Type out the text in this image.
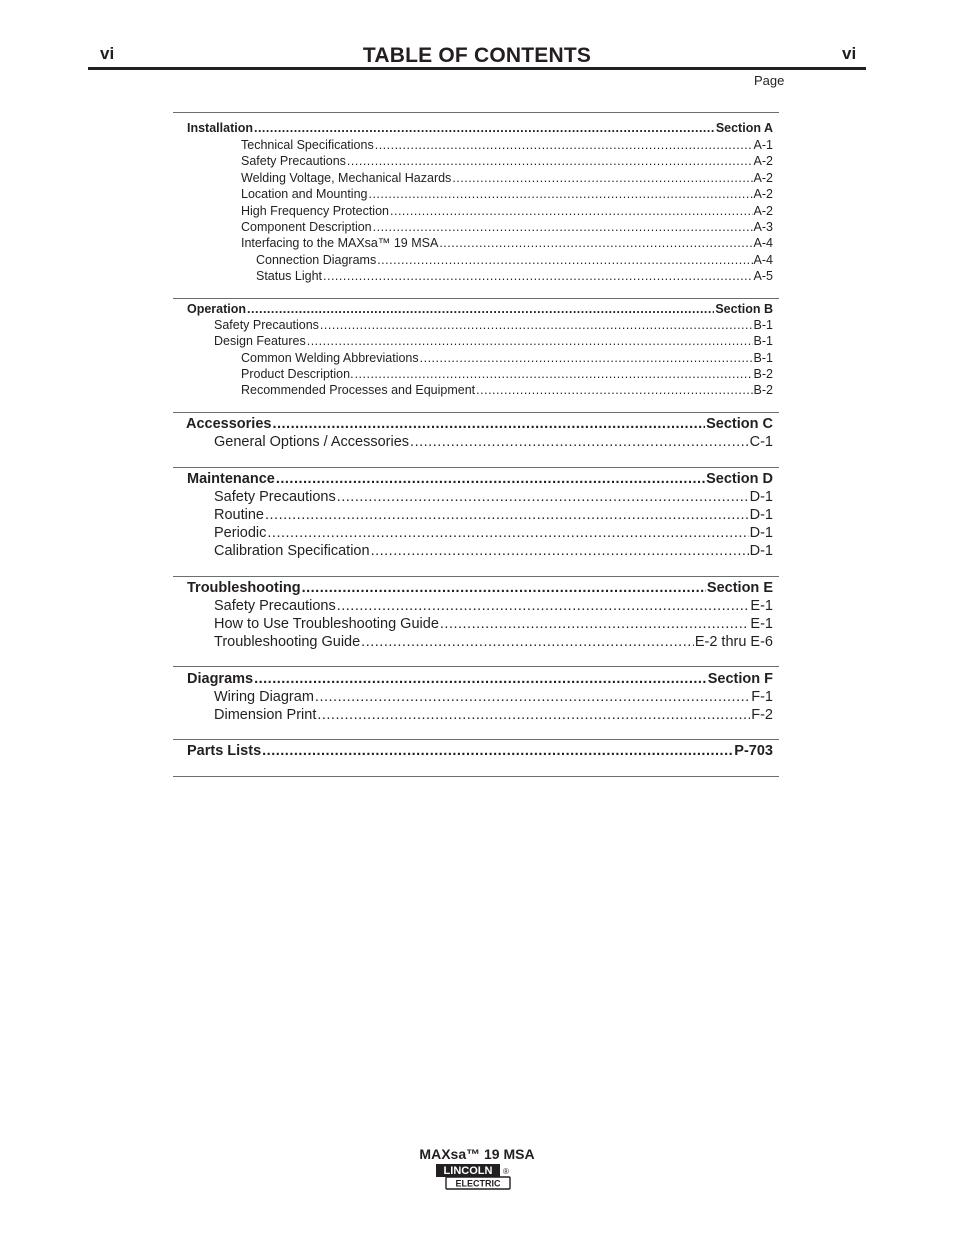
vi	TABLE OF CONTENTS	vi
Page
Installation .....	Section A
Technical Specifications .....	A-1
Safety Precautions .....	A-2
Welding Voltage, Mechanical Hazards .....	A-2
Location and Mounting .....	A-2
High Frequency Protection .....	A-2
Component Description .....	A-3
Interfacing to the MAXsa™ 19 MSA .....	A-4
Connection Diagrams .....	A-4
Status Light .....	A-5
Operation .....	Section B
Safety Precautions .....	B-1
Design Features .....	B-1
Common Welding Abbreviations .....	B-1
Product Description. .....	B-2
Recommended Processes and Equipment .....	B-2
Accessories .....	Section C
General Options / Accessories .....	C-1
Maintenance .....	Section D
Safety Precautions .....	D-1
Routine .....	D-1
Periodic .....	D-1
Calibration Specification .....	D-1
Troubleshooting .....	Section E
Safety Precautions .....	E-1
How to Use Troubleshooting Guide .....	E-1
Troubleshooting Guide .....	E-2 thru E-6
Diagrams .....	Section F
Wiring Diagram .....	F-1
Dimension Print .....	F-2
Parts Lists .....	P-703
MAXsa™ 19 MSA
LINCOLN
ELECTRIC
®
